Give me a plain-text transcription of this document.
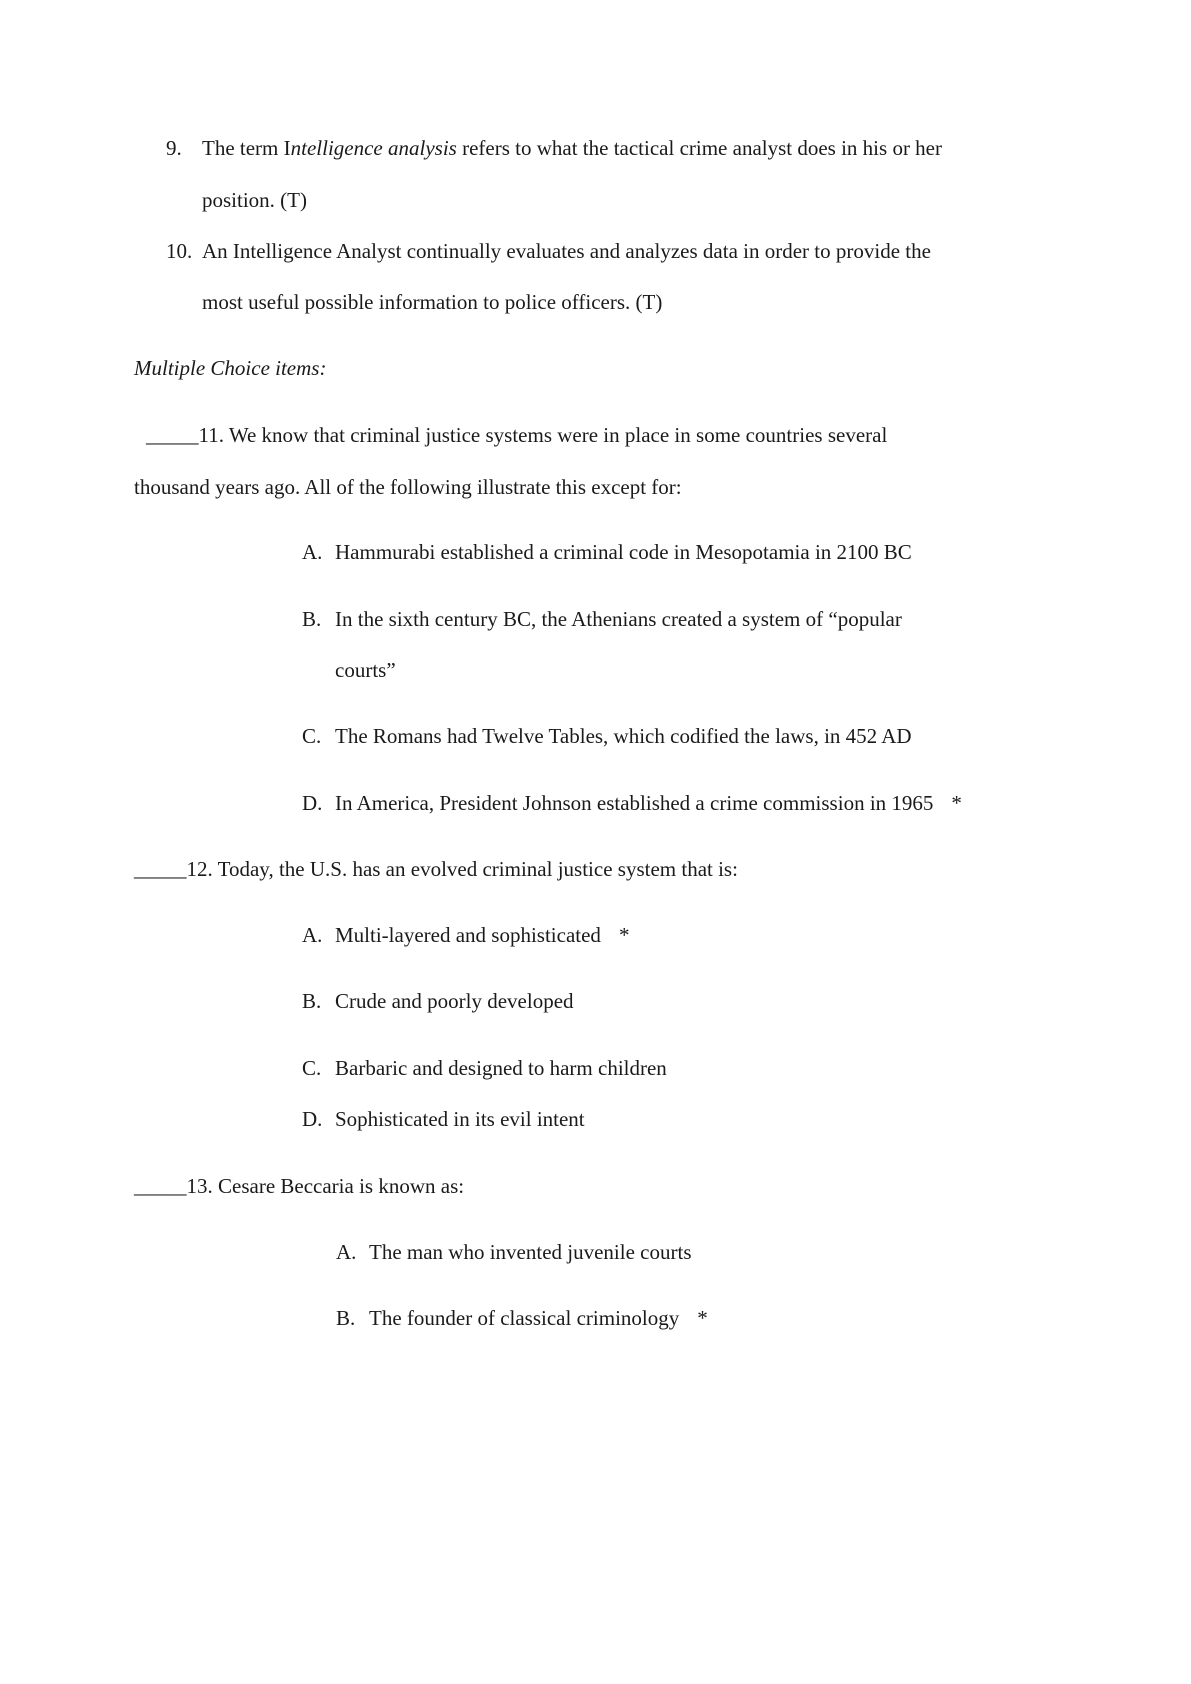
9. The term Intelligence analysis refers to what the tactical crime analyst does in his or her
position. (T)
10. An Intelligence Analyst continually evaluates and analyzes data in order to provide the
most useful possible information to police officers. (T)
Multiple Choice items:
_____11. We know that criminal justice systems were in place in some countries several
thousand years ago. All of the following illustrate this except for:
A. Hammurabi established a criminal code in Mesopotamia in 2100 BC
B. In the sixth century BC, the Athenians created a system of “popular
courts”
C. The Romans had Twelve Tables, which codified the laws, in 452 AD
D. In America, President Johnson established a crime commission in 1965 *
_____12. Today, the U.S. has an evolved criminal justice system that is:
A. Multi-layered and sophisticated *
B. Crude and poorly developed
C. Barbaric and designed to harm children
D. Sophisticated in its evil intent
_____13. Cesare Beccaria is known as:
A. The man who invented juvenile courts
B. The founder of classical criminology *
